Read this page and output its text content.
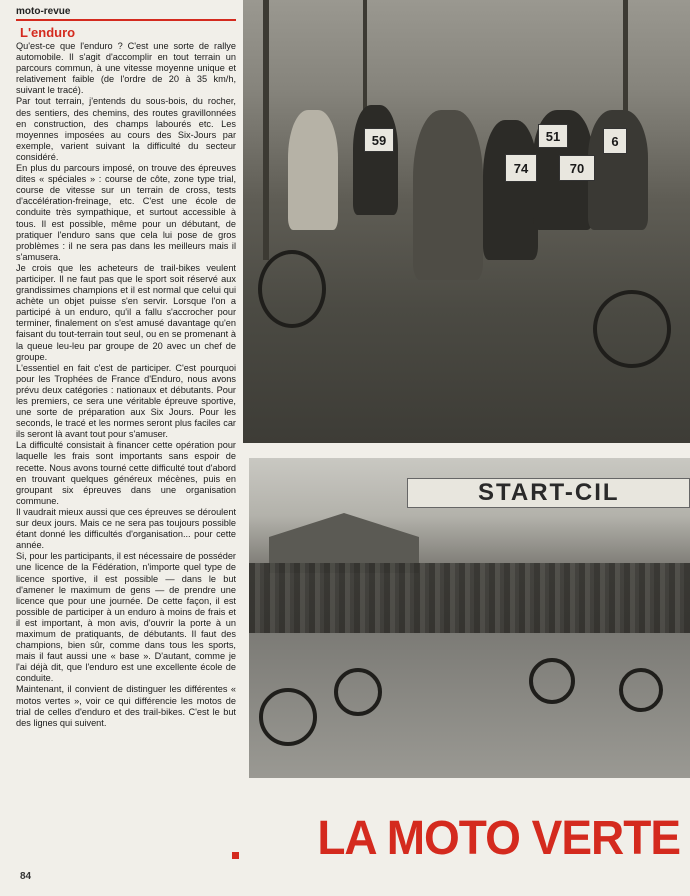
moto-revue
L'enduro

Qu'est-ce que l'enduro ? C'est une sorte de rallye automobile. Il s'agit d'accomplir en tout terrain un parcours commun, à une vitesse moyenne unique et relativement faible (de l'ordre de 20 à 35 km/h, suivant le tracé).

Par tout terrain, j'entends du sous-bois, du rocher, des sentiers, des chemins, des routes gravillonnées en construction, des champs labourés etc. Les moyennes imposées au cours des Six-Jours par exemple, varient suivant la difficulté du secteur considéré.

En plus du parcours imposé, on trouve des épreuves dites « spéciales » : course de côte, zone type trial, course de vitesse sur un terrain de cross, tests d'accélération-freinage, etc. C'est une école de conduite très sympathique, et surtout accessible à tous. Il est possible, même pour un débutant, de pratiquer l'enduro sans que cela lui pose de gros problèmes : il ne sera pas dans les meilleurs mais il s'amusera.

Je crois que les acheteurs de trail-bikes veulent participer. Il ne faut pas que le sport soit réservé aux grandissimes champions et il est normal que celui qui achète un objet puisse s'en servir. Lorsque l'on a participé à un enduro, qu'il a fallu s'accrocher pour terminer, finalement on s'est amusé davantage qu'en faisant du tout-terrain tout seul, ou en se promenant à la queue leu-leu par groupe de 20 avec un chef de groupe.

L'essentiel en fait c'est de participer. C'est pourquoi pour les Trophées de France d'Enduro, nous avons prévu deux catégories : nationaux et débutants. Pour les premiers, ce sera une véritable épreuve sportive, une sorte de préparation aux Six Jours. Pour les seconds, le tracé et les normes seront plus faciles car ils seront là avant tout pour s'amuser.

La difficulté consistait à financer cette opération pour laquelle les frais sont importants sans espoir de recette. Nous avons tourné cette difficulté tout d'abord en trouvant quelques généreux mécènes, puis en groupant six épreuves dans une organisation commune.

Il vaudrait mieux aussi que ces épreuves se déroulent sur deux jours. Mais ce ne sera pas toujours possible étant donné les difficultés d'organisation... pour cette année.

Si, pour les participants, il est nécessaire de posséder une licence de la Fédération, n'importe quel type de licence sportive, il est possible — dans le but d'amener le maximum de gens — de prendre une licence que pour une journée. De cette façon, il est possible de participer à un enduro à moins de frais et il est important, à mon avis, d'ouvrir la porte à un maximum de pratiquants, de débutants. Il faut des champions, bien sûr, comme dans tous les sports, mais il faut aussi une « base ». D'autant, comme je l'ai déjà dit, que l'enduro est une excellente école de conduite.

Maintenant, il convient de distinguer les différentes « motos vertes », voir ce qui différencie les motos de trial de celles d'enduro et des trail-bikes. C'est le but des lignes qui suivent.

59	51
74	70
6
START-CIL
LA MOTO VERTE
84
